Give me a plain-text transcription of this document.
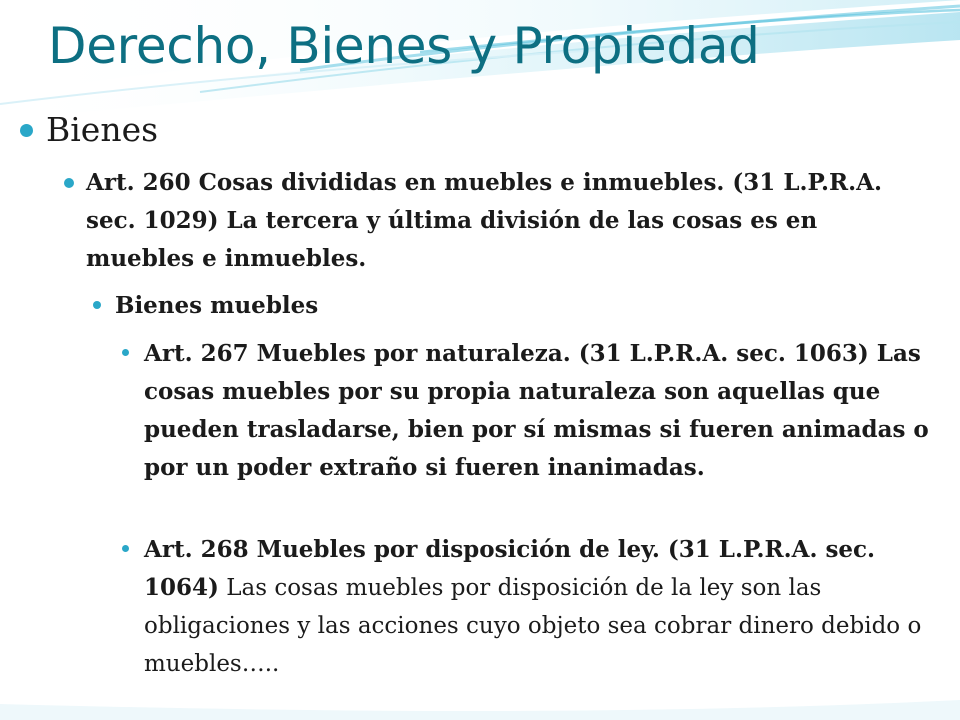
Derecho, Bienes y Propiedad
Bienes

Art. 260 Cosas divididas en muebles e inmuebles. (31 L.P.R.A. sec. 1029) La tercera y última división de las cosas es en muebles e inmuebles.

Bienes muebles

Art. 267 Muebles por naturaleza. (31 L.P.R.A. sec. 1063) Las cosas muebles por su propia naturaleza son aquellas que pueden trasladarse, bien por sí mismas si fueren animadas o por un poder extraño si fueren inanimadas.

Art. 268 Muebles por disposición de ley. (31 L.P.R.A. sec. 1064) Las cosas muebles por disposición de la ley son las obligaciones y las acciones cuyo objeto sea cobrar dinero debido o muebles…..
